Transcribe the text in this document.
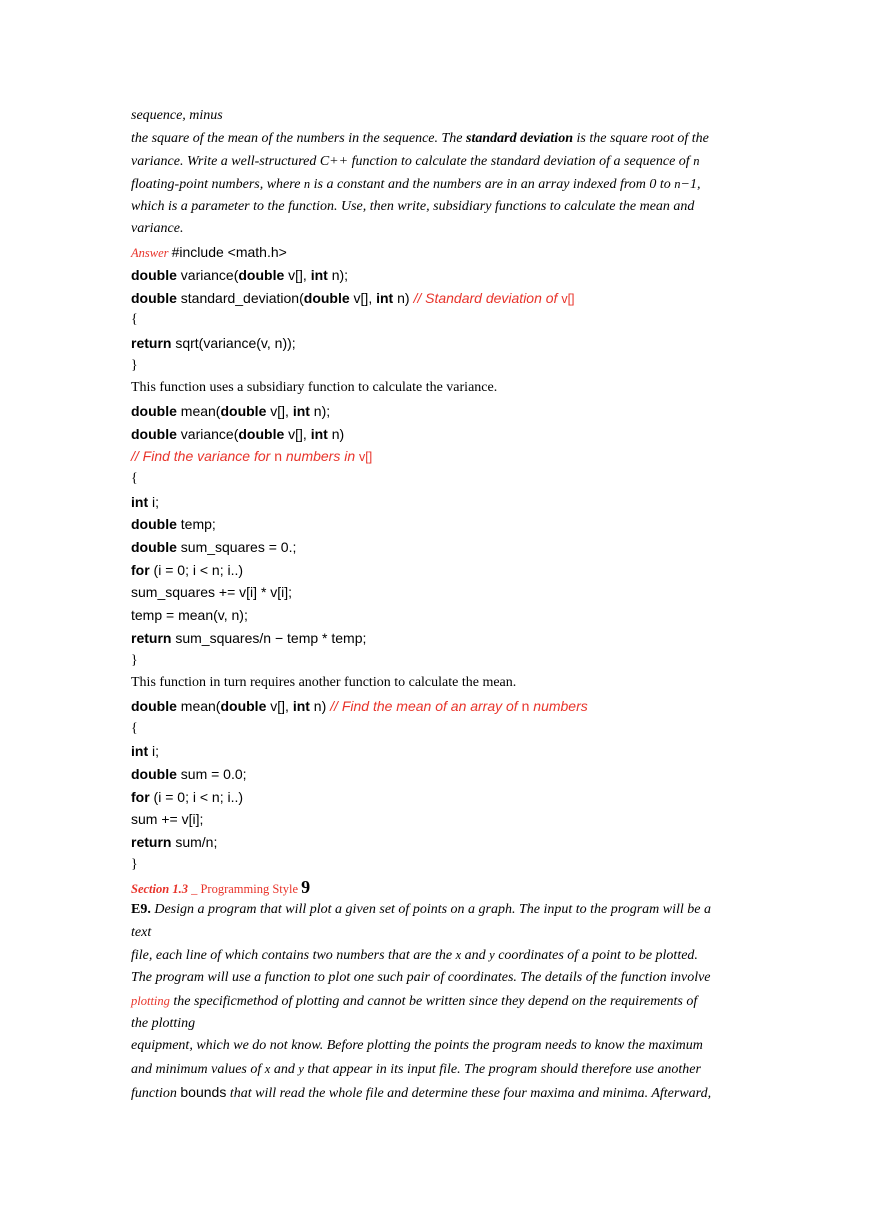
sequence, minus
the square of the mean of the numbers in the sequence. The standard deviation is the square root of the
variance. Write a well-structured C++ function to calculate the standard deviation of a sequence of n
floating-point numbers, where n is a constant and the numbers are in an array indexed from 0 to n−1,
which is a parameter to the function. Use, then write, subsidiary functions to calculate the mean and
variance.
Answer #include <math.h>
double variance(double v[], int n);
double standard_deviation(double v[], int n) // Standard deviation of v[]
{
return sqrt(variance(v, n));
}
This function uses a subsidiary function to calculate the variance.
double mean(double v[], int n);
double variance(double v[], int n)
// Find the variance for n numbers in v[]
{
int i;
double temp;
double sum_squares = 0.;
for (i = 0; i < n; i..)
sum_squares += v[i] * v[i];
temp = mean(v, n);
return sum_squares/n − temp * temp;
}
This function in turn requires another function to calculate the mean.
double mean(double v[], int n) // Find the mean of an array of n numbers
{
int i;
double sum = 0.0;
for (i = 0; i < n; i..)
sum += v[i];
return sum/n;
}
Section 1.3 _ Programming Style 9
E9. Design a program that will plot a given set of points on a graph. The input to the program will be a
text
file, each line of which contains two numbers that are the x and y coordinates of a point to be plotted.
The program will use a function to plot one such pair of coordinates. The details of the function involve
plotting the specificmethod of plotting and cannot be written since they depend on the requirements of
the plotting
equipment, which we do not know. Before plotting the points the program needs to know the maximum
and minimum values of x and y that appear in its input file. The program should therefore use another
function bounds that will read the whole file and determine these four maxima and minima. Afterward,
